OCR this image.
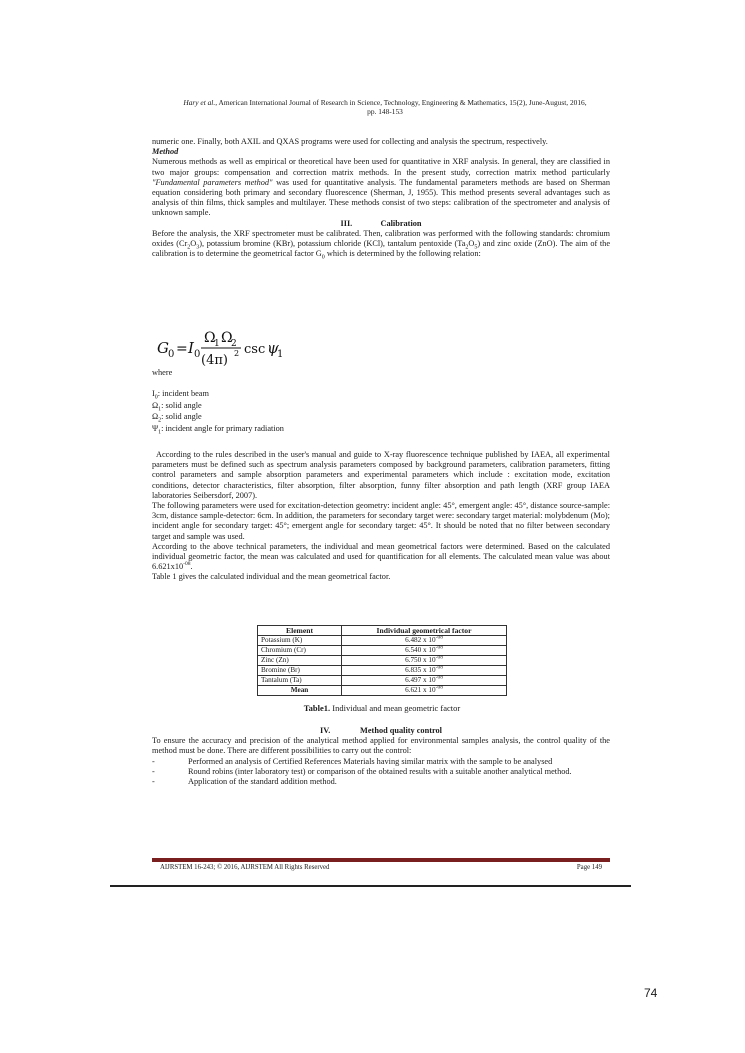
Hary et al., American International Journal of Research in Science, Technology, Engineering & Mathematics, 15(2), June-August, 2016,
pp. 148-153

numeric one. Finally, both AXIL and QXAS programs were used for collecting and analysis the spectrum, respectively.

Method

Numerous methods as well as empirical or theoretical have been used for quantitative in XRF analysis. In general, they are classified in two major groups: compensation and correction matrix methods. In the present study, correction matrix method particularly "Fundamental parameters method" was used for quantitative analysis. The fundamental parameters methods are based on Sherman equation considering both primary and secondary fluorescence (Sherman, J, 1955). This method presents several advantages such as analysis of thin films, thick samples and multilayer. These methods consist of two steps: calibration of the spectrometer and analysis of unknown sample.

III.	Calibration

Before the analysis, the XRF spectrometer must be calibrated. Then, calibration was performed with the following standards: chromium oxides $(Cr_2O_3)$, potassium bromine (KBr), potassium chloride (KCl), tantalum pentoxide $(Ta_2O_5)$ and zinc oxide (ZnO). The aim of the calibration is to determine the geometrical factor $G_0$ which is determined by the following relation:

G 0 = I 0
Ω
1 Ω
2
(4π) 2 csc ψ
1

where

$I_0$: incident beam
$\Omega_1$: solid angle
$\Omega_2$: solid angle
$\Psi_1$: incident angle for primary radiation

According to the rules described in the user's manual and guide to X-ray fluorescence technique published by IAEA, all experimental parameters must be defined such as spectrum analysis parameters composed by background parameters, calibration parameters, fitting control parameters and sample absorption parameters and experimental parameters which include : excitation mode, excitation conditions, detector characteristics, filter absorption, filter absorption, funny filter absorption and path length (XRF group IAEA laboratories Seibersdorf, 2007).

The following parameters were used for excitation-detection geometry: incident angle: 45°, emergent angle: 45°, distance source-sample: 3cm, distance sample-detector: 6cm. In addition, the parameters for secondary target were: secondary target material: molybdenum (Mo); incident angle for secondary target: 45°; emergent angle for secondary target: 45°. It should be noted that no filter between secondary target and sample was used.

According to the above technical parameters, the individual and mean geometrical factors were determined. Based on the calculated individual geometric factor, the mean was calculated and used for quantification for all elements. The calculated mean value was about $6.621x10^{-08}$.

Table 1 gives the calculated individual and the mean geometrical factor.

Element	Individual geometrical factor
Potassium (K)	6.482 x $10^{-08}$
Chromium (Cr)	6.540 x $10^{-08}$
Zinc (Zn)	6.750 x $10^{-08}$
Bromine (Br)	6.835 x $10^{-08}$
Tantalum (Ta)	6.497 x $10^{-08}$
Mean	6.621 x $10^{-08}$
Table1. Individual and mean geometric factor

IV.	Method quality control

To ensure the accuracy and precision of the analytical method applied for environmental samples analysis, the control quality of the method must be done. There are different possibilities to carry out the control:

-	Performed an analysis of Certified References Materials having similar matrix with the sample to be analysed

-	Round robins (inter laboratory test) or comparison of the obtained results with a suitable another analytical method.

-	Application of the standard addition method.

AIJRSTEM 16-243; © 2016, AIJRSTEM All Rights Reserved	Page 149
74
